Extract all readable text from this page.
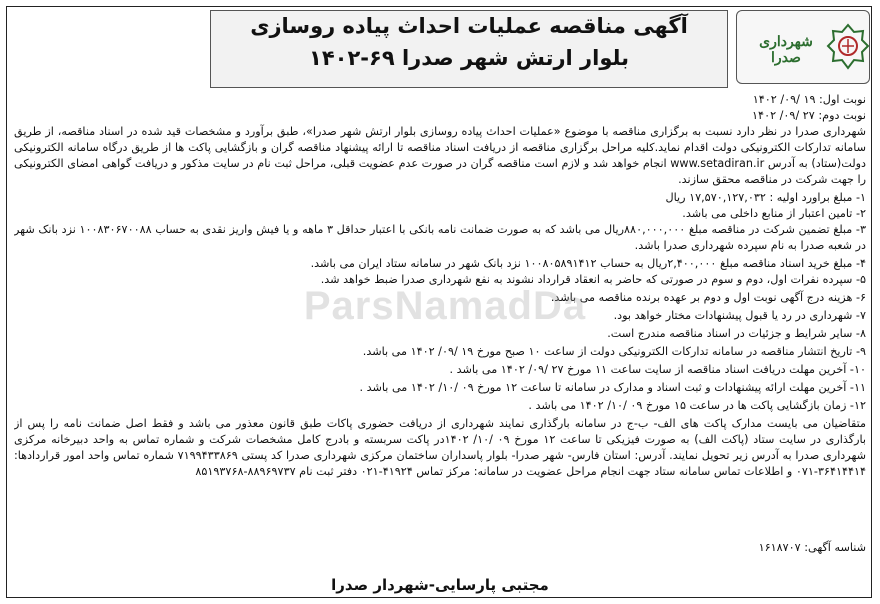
آگهی مناقصه عملیات احداث پیاده روسازی
بلوار ارتش شهر صدرا ۶۹-۱۴۰۲
شهرداری صدرا
نوبت اول: ۱۹ /۰۹/ ۱۴۰۲
نوبت دوم: ۲۷ /۰۹/ ۱۴۰۲
شهرداری صدرا در نظر دارد نسبت به برگزاری مناقصه با موضوع «عملیات احداث پیاده روسازی بلوار ارتش شهر صدرا»، طبق برآورد و مشخصات قید شده در اسناد مناقصه، از طریق سامانه تدارکات الکترونیکی دولت اقدام نماید.کلیه مراحل برگزاری مناقصه از دریافت اسناد مناقصه تا ارائه پیشنهاد مناقصه گران و بازگشایی پاکت ها از طریق درگاه سامانه الکترونیکی دولت(ستاد) به آدرس www.setadiran.ir انجام خواهد شد و لازم است مناقصه گران در صورت عدم عضویت قبلی، مراحل ثبت نام در سایت مذکور و دریافت گواهی امضای الکترونیکی را جهت شرکت در مناقصه محقق سازند.
۱- مبلغ براورد اولیه : ۱۷,۵۷۰,۱۲۷,۰۳۲ ریال
۲- تامین اعتبار از منابع داخلی می باشد.
۳- مبلغ تضمین شرکت در مناقصه مبلغ ۸۸۰,۰۰۰,۰۰۰ریال می باشد که به صورت ضمانت نامه بانکی با اعتبار حداقل ۳ ماهه و یا فیش واریز نقدی به حساب ۱۰۰۸۳۰۶۷۰۰۸۸ نزد بانک شهر در شعبه صدرا به نام سپرده شهرداری صدرا باشد.
۴- مبلغ خرید اسناد مناقصه مبلغ ۲,۴۰۰,۰۰۰ریال به حساب ۱۰۰۸۰۵۸۹۱۴۱۲ نزد بانک شهر در سامانه ستاد ایران می باشد.
۵- سپرده نفرات اول، دوم و سوم در صورتی که حاضر به انعقاد قرارداد نشوند به نفع شهرداری صدرا ضبط خواهد شد.
۶- هزینه درج آگهی نوبت اول و دوم بر عهده برنده مناقصه می باشد.
۷- شهرداری در رد یا قبول پیشنهادات مختار خواهد بود.
۸- سایر شرایط و جزئیات در اسناد مناقصه مندرج است.
۹- تاریخ انتشار مناقصه در سامانه تدارکات الکترونیکی دولت از ساعت ۱۰ صبح مورخ ۱۹ /۰۹/ ۱۴۰۲ می باشد.
۱۰- آخرین مهلت دریافت اسناد مناقصه از سایت ساعت ۱۱ مورخ ۲۷ /۰۹/ ۱۴۰۲ می باشد .
۱۱- آخرین مهلت ارائه پیشنهادات و ثبت اسناد و مدارک در سامانه تا ساعت ۱۲ مورخ ۰۹ /۱۰/ ۱۴۰۲ می باشد .
۱۲- زمان بازگشایی پاکت ها در ساعت ۱۵ مورخ ۰۹ /۱۰/ ۱۴۰۲ می باشد .
متقاضیان می بایست مدارک پاکت های الف- ب-ج در سامانه بارگذاری نمایند شهرداری از دریافت حضوری پاکات طبق قانون معذور می باشد و فقط اصل ضمانت نامه را پس از بارگذاری در سایت ستاد (پاکت الف) به صورت فیزیکی تا ساعت ۱۲ مورخ ۰۹ /۱۰/ ۱۴۰۲در پاکت سربسته و بادرج کامل مشخصات شرکت و شماره تماس به واحد دبیرخانه مرکزی شهرداری صدرا به آدرس زیر تحویل نمایند. آدرس: استان فارس- شهر صدرا- بلوار پاسداران ساختمان مرکزی شهرداری صدرا کد پستی ۷۱۹۹۴۳۳۸۶۹ شماره تماس واحد امور قراردادها: ۳۶۴۱۴۴۱۴-۰۷۱ و اطلاعات تماس سامانه ستاد جهت انجام مراحل عضویت در سامانه: مرکز تماس ۴۱۹۲۴-۰۲۱ دفتر ثبت نام ۸۸۹۶۹۷۳۷-۸۵۱۹۳۷۶۸
شناسه آگهی: ۱۶۱۸۷۰۷
مجتبی پارسایی-شهردار صدرا
ParsNamadDa
